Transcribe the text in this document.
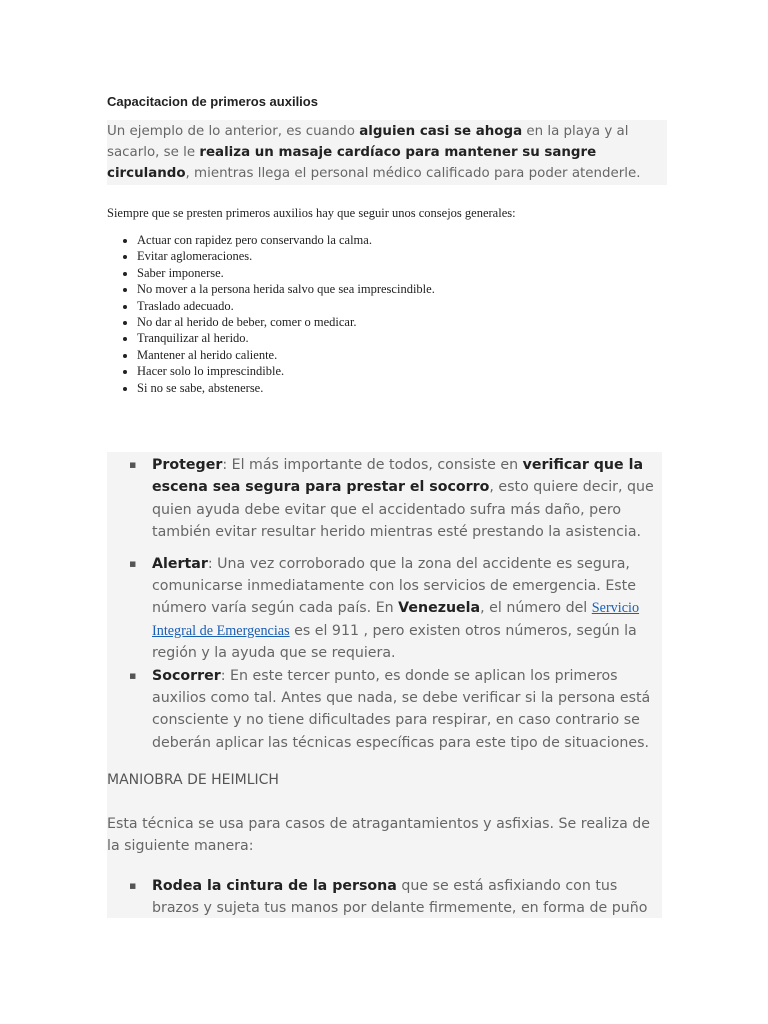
Capacitacion de primeros auxilios
Un ejemplo de lo anterior, es cuando alguien casi se ahoga en la playa y al sacarlo, se le realiza un masaje cardíaco para mantener su sangre circulando, mientras llega el personal médico calificado para poder atenderle.

Siempre que se presten primeros auxilios hay que seguir unos consejos generales:

• Actuar con rapidez pero conservando la calma.
• Evitar aglomeraciones.
• Saber imponerse.
• No mover a la persona herida salvo que sea imprescindible.
• Traslado adecuado.
• No dar al herido de beber, comer o medicar.
• Tranquilizar al herido.
• Mantener al herido caliente.
• Hacer solo lo imprescindible.
• Si no se sabe, abstenerse.
▪ Proteger: El más importante de todos, consiste en verificar que la escena sea segura para prestar el socorro, esto quiere decir, que quien ayuda debe evitar que el accidentado sufra más daño, pero también evitar resultar herido mientras esté prestando la asistencia.
▪ Alertar: Una vez corroborado que la zona del accidente es segura, comunicarse inmediatamente con los servicios de emergencia. Este número varía según cada país. En Venezuela, el número del Servicio Integral de Emergencias es el 911 , pero existen otros números, según la región y la ayuda que se requiera.
▪ Socorrer: En este tercer punto, es donde se aplican los primeros auxilios como tal. Antes que nada, se debe verificar si la persona está consciente y no tiene dificultades para respirar, en caso contrario se deberán aplicar las técnicas específicas para este tipo de situaciones.
MANIOBRA DE HEIMLICH
Esta técnica se usa para casos de atragantamientos y asfixias. Se realiza de la siguiente manera:
▪ Rodea la cintura de la persona que se está asfixiando con tus brazos y sujeta tus manos por delante firmemente, en forma de puño
